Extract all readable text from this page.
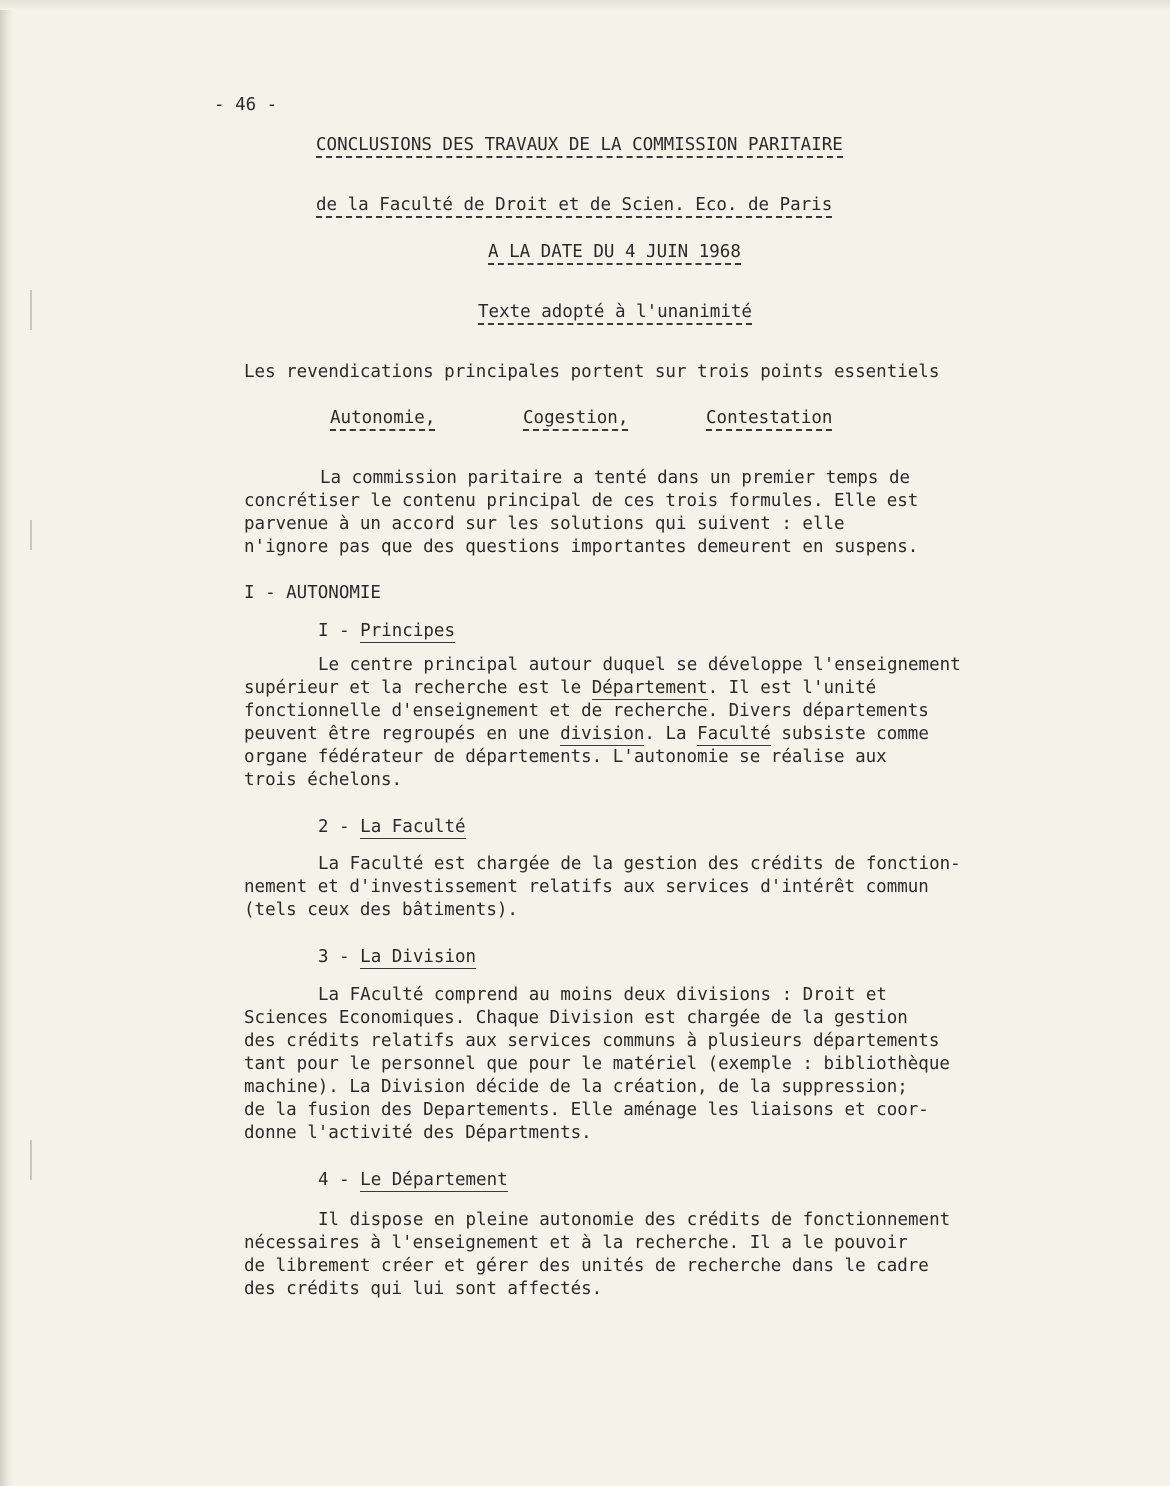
- 46 -
CONCLUSIONS DES TRAVAUX DE LA COMMISSION PARITAIRE
de la Faculté de Droit et de Scien. Eco. de Paris
A LA DATE DU 4 JUIN 1968
Texte adopté à l'unanimité
Les revendications principales portent sur trois points essentiels
Autonomie,	Cogestion,	Contestation
La commission paritaire a tenté dans un premier temps de
concrétiser le contenu principal de ces trois formules. Elle est
parvenue à un accord sur les solutions qui suivent : elle
n'ignore pas que des questions importantes demeurent en suspens.
I - AUTONOMIE
I - Principes
Le centre principal autour duquel se développe l'enseignement
supérieur et la recherche est le Département. Il est l'unité
fonctionnelle d'enseignement et de recherche. Divers départements
peuvent être regroupés en une division. La Faculté subsiste comme
organe fédérateur de départements. L'autonomie se réalise aux
trois échelons.
2 - La Faculté
La Faculté est chargée de la gestion des crédits de fonction-
nement et d'investissement relatifs aux services d'intérêt commun
(tels ceux des bâtiments).
3 - La Division
La FAculté comprend au moins deux divisions : Droit et
Sciences Economiques. Chaque Division est chargée de la gestion
des crédits relatifs aux services communs à plusieurs départements
tant pour le personnel que pour le matériel (exemple : bibliothèque
machine). La Division décide de la création, de la suppression;
de la fusion des Departements. Elle aménage les liaisons et coor-
donne l'activité des Départments.
4 - Le Département
Il dispose en pleine autonomie des crédits de fonctionnement
nécessaires à l'enseignement et à la recherche. Il a le pouvoir
de librement créer et gérer des unités de recherche dans le cadre
des crédits qui lui sont affectés.
